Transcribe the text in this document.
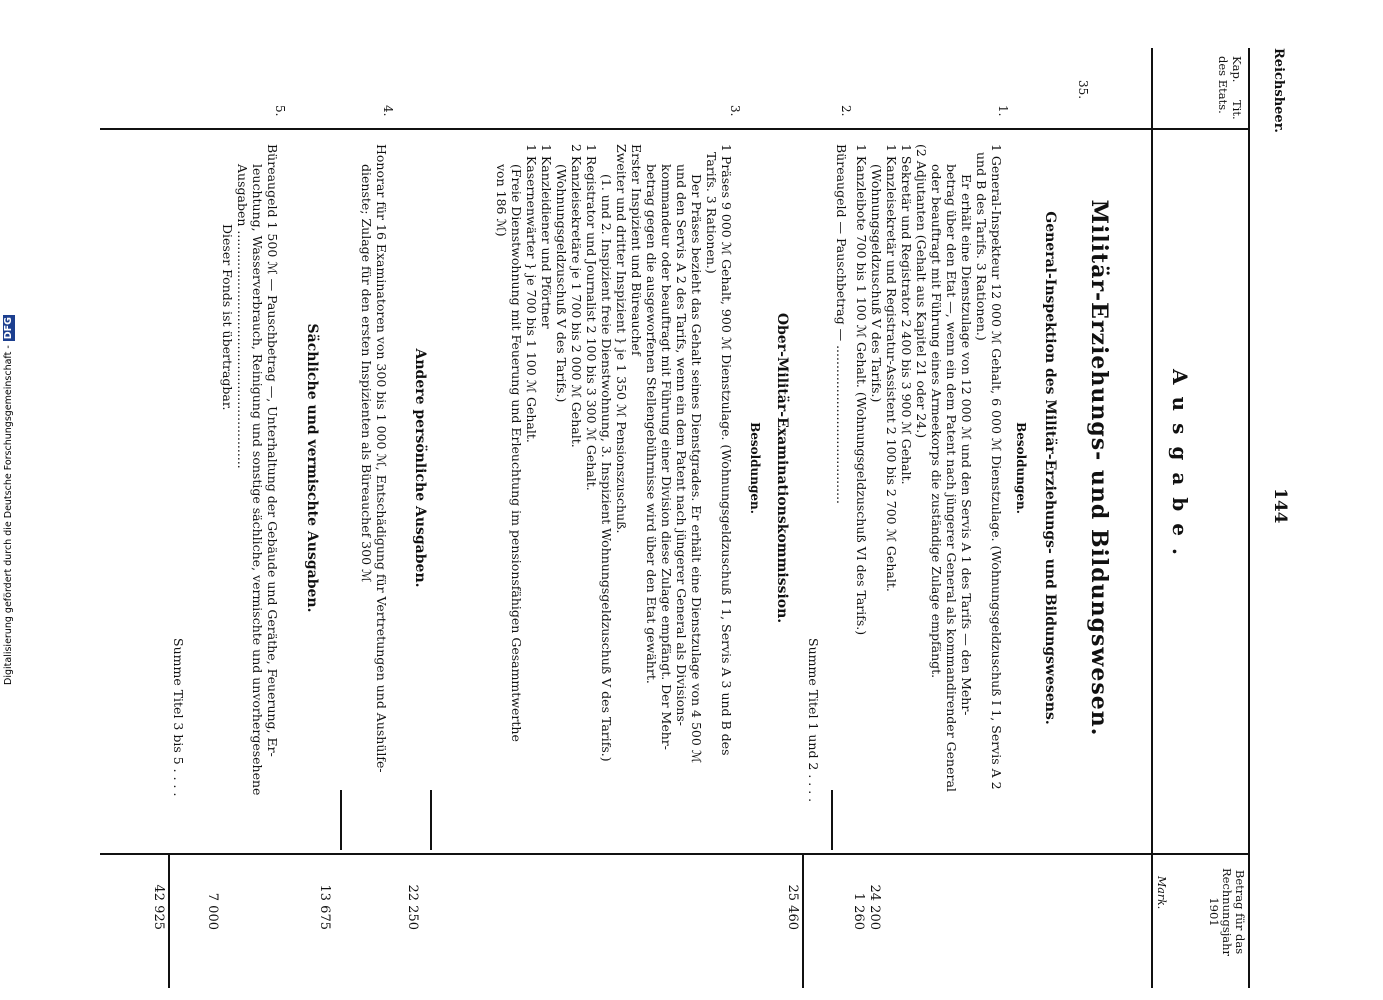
Digitalisierung gefördert durch die Deutsche Forschungsgemeinschaft -DFG
Reichsheer.
144
35.
Kap.
des Etats. Tit.
Betrag für das Rechnungsjahr 1901
Mark.
Ausgabe.
Militär-Erziehungs- und Bildungswesen.
General-Inspektion des Militär-Erziehungs- und Bildungswesens.
Besoldungen.
1.
1 General-Inspekteur 12 000 ℳ Gehalt, 6 000 ℳ Dienstzulage. (Wohnungsgeldzuschuß I 1, Servis A 2
und B des Tarifs. 3 Rationen.)
Er erhält eine Dienstzulage von 12 000 ℳ und den Servis A 1 des Tarifs — den Mehr-
betrag über den Etat —, wenn ein dem Patent nach jüngerer General als kommandirender General
oder beauftragt mit Führung eines Armeekorps die zuständige Zulage empfängt.
(2 Adjutanten (Gehalt aus Kapitel 21 oder 24.)
1 Sekretär und Registrator 2 400 bis 3 900 ℳ Gehalt.
1 Kanzleisekretär und Registratur-Assistent 2 100 bis 2 700 ℳ Gehalt.
(Wohnungsgeldzuschuß V des Tarifs.)
1 Kanzleibote 700 bis 1 100 ℳ Gehalt. (Wohnungsgeldzuschuß VI des Tarifs.)
2.
Büreaugeld — Pauschbetrag — ........................................
24 200
1 260
Summe Titel 1 und 2 . . . .
25 460
Ober-Militär-Examinationskommission.
Besoldungen.
3.
1 Präses 9 000 ℳ Gehalt, 900 ℳ Dienstzulage. (Wohnungsgeldzuschuß I 1, Servis A 3 und B des
Tarifs. 3 Rationen.)
Der Präses bezieht das Gehalt seines Dienstgrades. Er erhält eine Dienstzulage von 4 500 ℳ
und den Servis A 2 des Tarifs, wenn ein dem Patent nach jüngerer General als Divisions-
kommandeur oder beauftragt mit Führung einer Division diese Zulage empfängt. Der Mehr-
betrag gegen die ausgeworfenen Stellengebührnisse wird über den Etat gewährt.
Erster Inspizient und Büreauchef
Zweiter und dritter Inspizient } je 1 350 ℳ Pensionszuschuß.
(1. und 2. Inspizient freie Dienstwohnung, 3. Inspizient Wohnungsgeldzuschuß V des Tarifs.)
1 Registrator und Journalist 2 100 bis 3 300 ℳ Gehalt.
2 Kanzleisekretäre je 1 700 bis 2 000 ℳ Gehalt.
(Wohnungsgeldzuschuß V des Tarifs.)
1 Kanzleidiener und Pförtner
1 Kasernenwärter } je 700 bis 1 100 ℳ Gehalt.
(Freie Dienstwohnung mit Feuerung und Erleuchtung im pensionsfähigen Gesammtwerthe
von 186 ℳ)
22 250
Andere persönliche Ausgaben.
4.
Honorar für 16 Examinatoren von 300 bis 1 000 ℳ, Entschädigung für Vertretungen und Aushülfe-
dienste; Zulage für den ersten Inspizienten als Büreauchef 300 ℳ
13 675
Sächliche und vermischte Ausgaben.
5.
Büreaugeld 1 500 ℳ — Pauschbetrag —, Unterhaltung der Gebäude und Geräthe, Feuerung, Er-
leuchtung, Wasserverbrauch, Reinigung und sonstige sächliche, vermischte und unvorhergesehene
Ausgaben ............................................................
Dieser Fonds ist übertragbar.
7 000
Summe Titel 3 bis 5 . . . .
42 925
